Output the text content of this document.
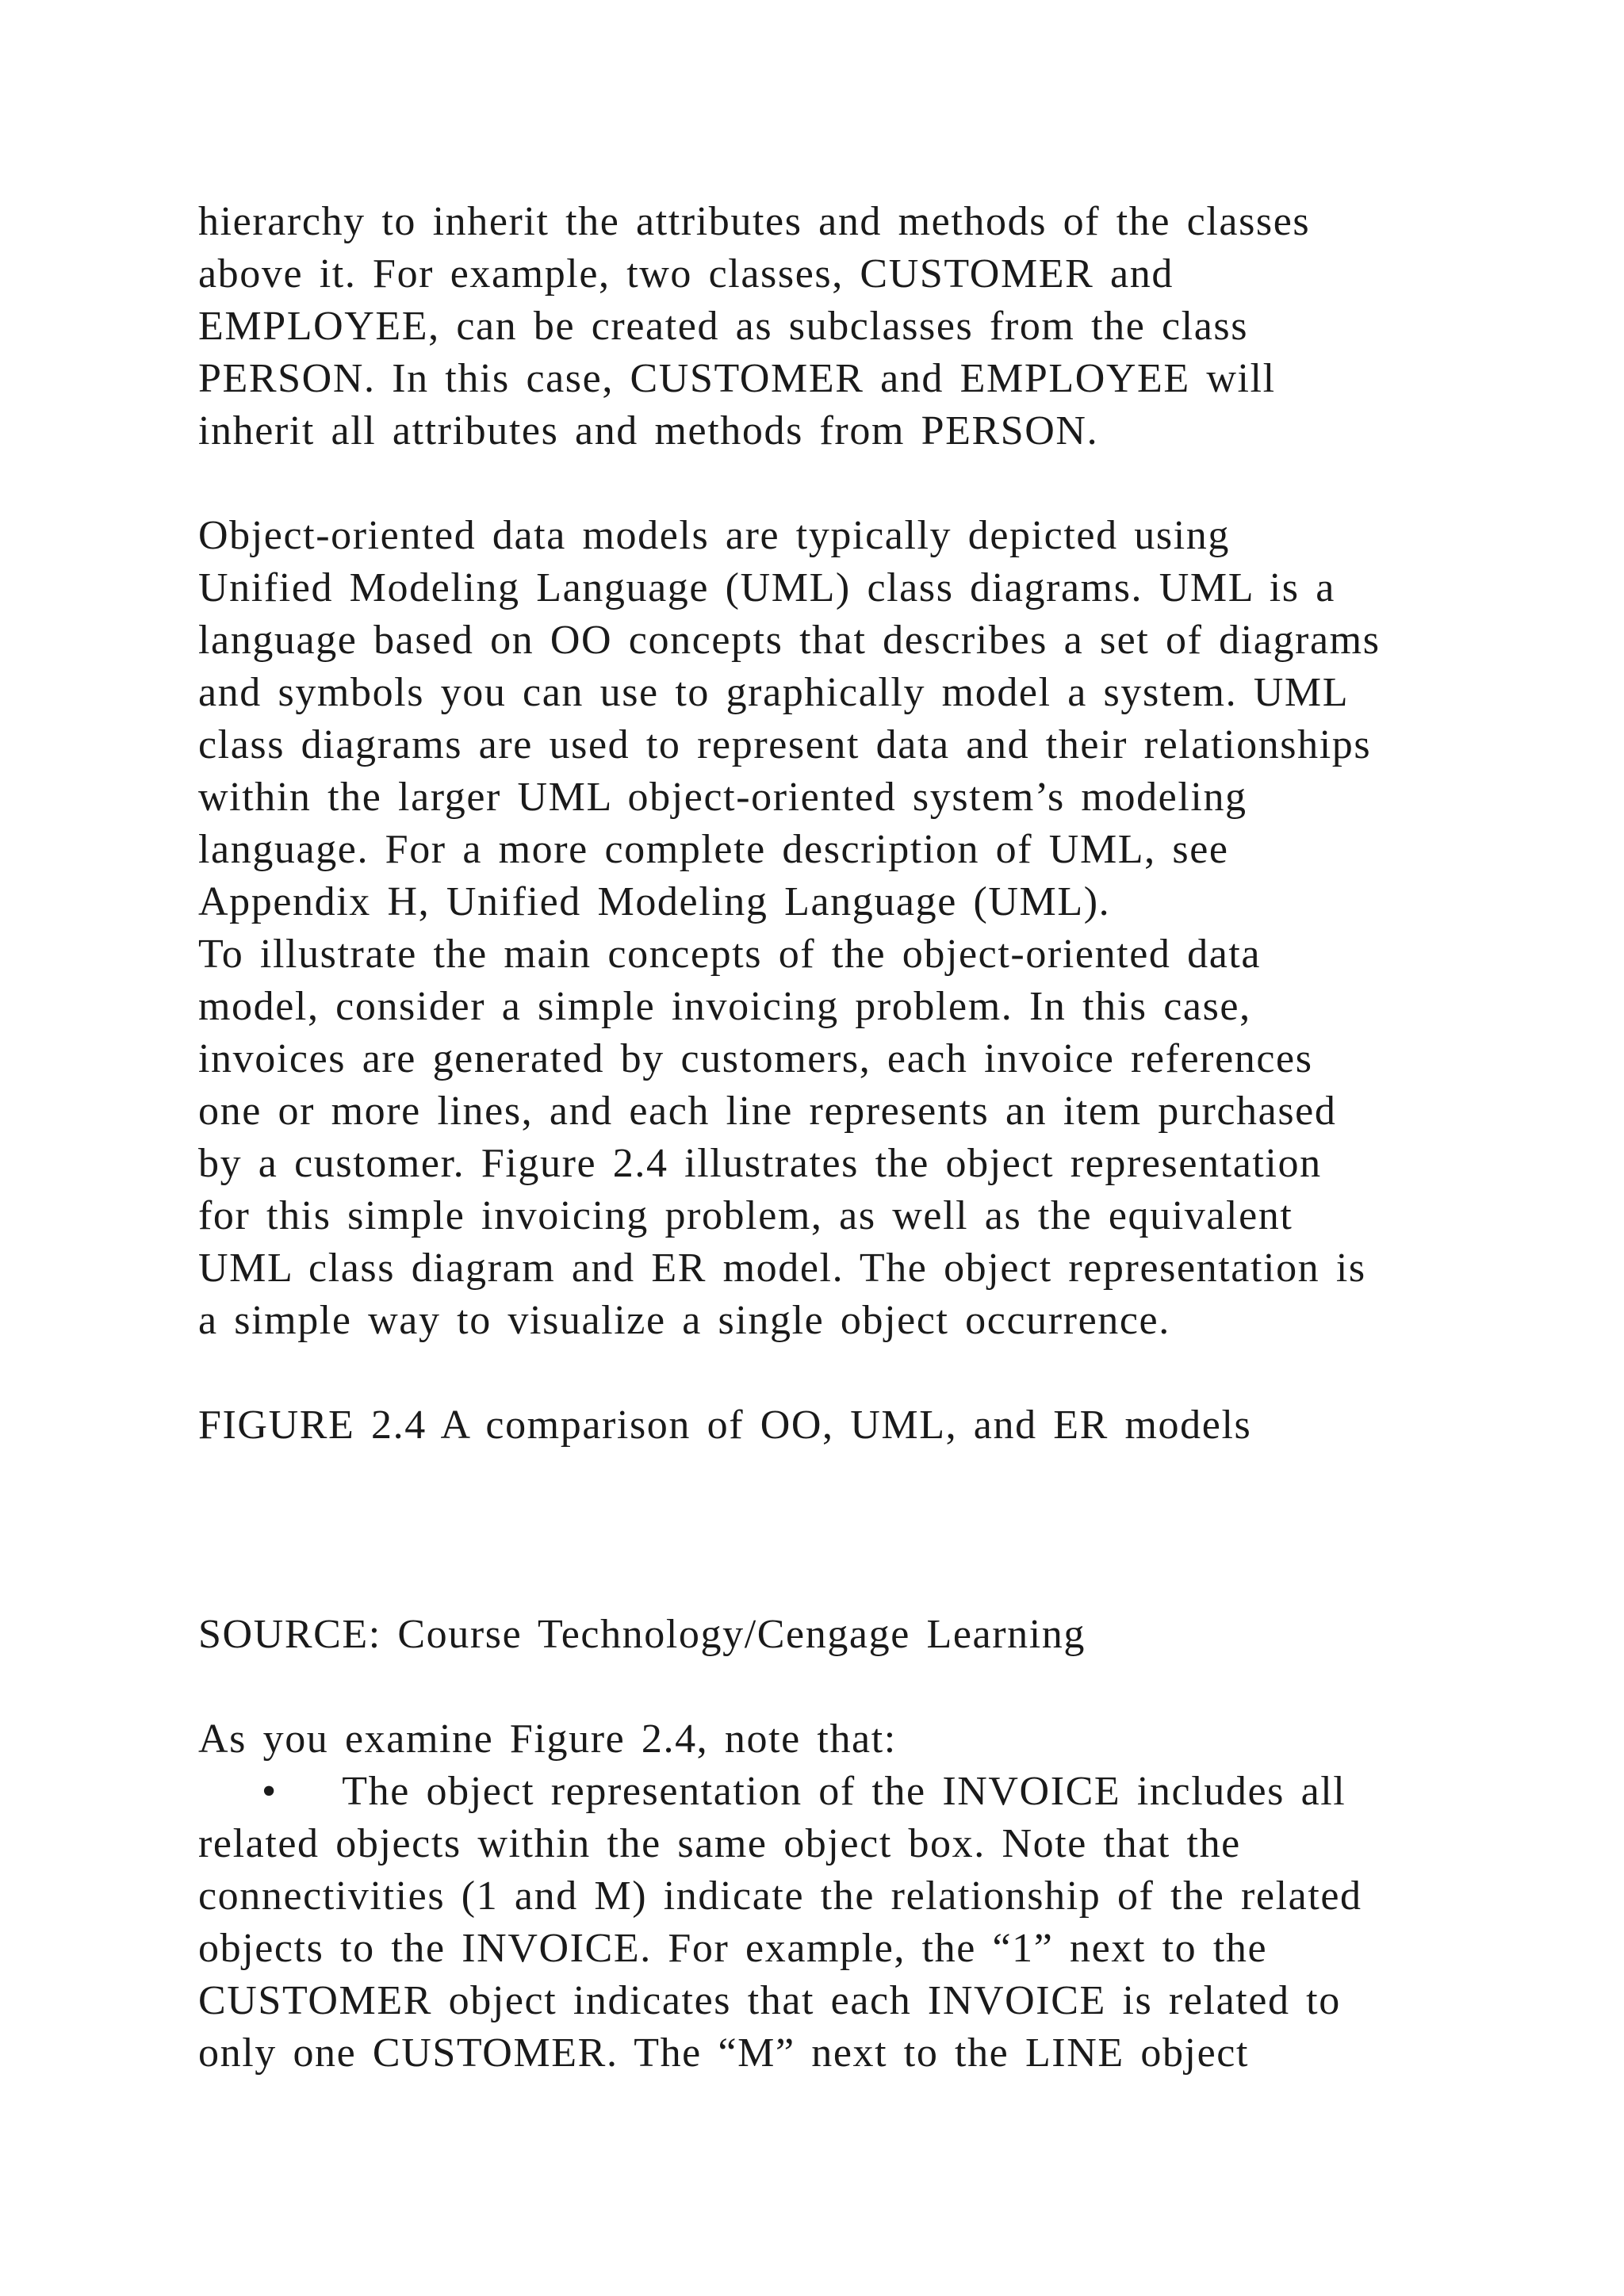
hierarchy to inherit the attributes and methods of the classes
above it. For example, two classes, CUSTOMER and
EMPLOYEE, can be created as subclasses from the class
PERSON. In this case, CUSTOMER and EMPLOYEE will
inherit all attributes and methods from PERSON.
Object-oriented data models are typically depicted using
Unified Modeling Language (UML) class diagrams. UML is a
language based on OO concepts that describes a set of diagrams
and symbols you can use to graphically model a system. UML
class diagrams are used to represent data and their relationships
within the larger UML object-oriented system’s modeling
language. For a more complete description of UML, see
Appendix H, Unified Modeling Language (UML).
To illustrate the main concepts of the object-oriented data
model, consider a simple invoicing problem. In this case,
invoices are generated by customers, each invoice references
one or more lines, and each line represents an item purchased
by a customer. Figure 2.4 illustrates the object representation
for this simple invoicing problem, as well as the equivalent
UML class diagram and ER model. The object representation is
a simple way to visualize a single object occurrence.
FIGURE 2.4 A comparison of OO, UML, and ER models
SOURCE: Course Technology/Cengage Learning
As you examine Figure 2.4, note that:
•    The object representation of the INVOICE includes all
related objects within the same object box. Note that the
connectivities (1 and M) indicate the relationship of the related
objects to the INVOICE. For example, the “1” next to the
CUSTOMER object indicates that each INVOICE is related to
only one CUSTOMER. The “M” next to the LINE object
